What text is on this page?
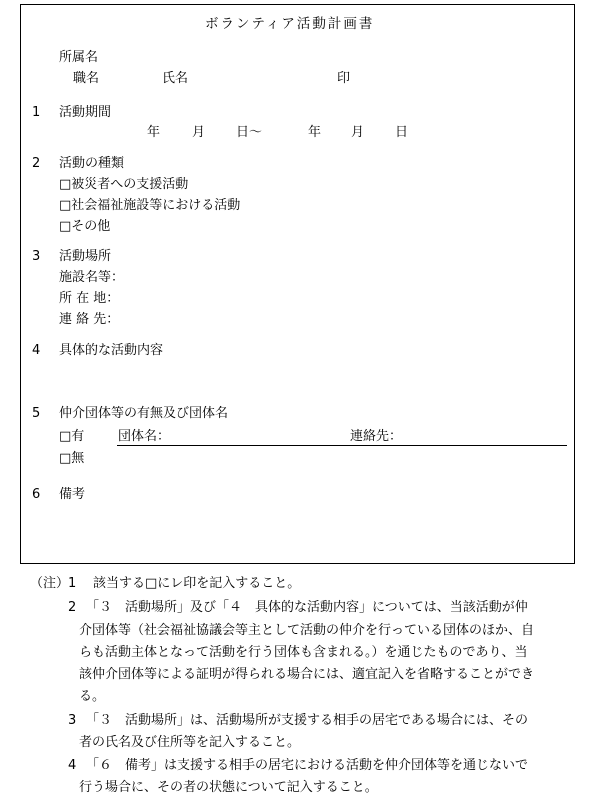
ボランティア活動計画書
所属名
職名	氏名	印
1 活動期間
年 月 日～	年 月 日
2 活動の種類
□被災者への支援活動
□社会福祉施設等における活動
□その他
3 活動場所
施設名等：
所 在 地：
連 絡 先：
4 具体的な活動内容
5 仲介団体等の有無及び団体名
□有	団体名：	連絡先：
□無
6 備考
（注）
1 該当する□にレ印を記入すること。
2 「３　活動場所」及び「４　具体的な活動内容」については、当該活動が仲
介団体等（社会福祉協議会等主として活動の仲介を行っている団体のほか、自
らも活動主体となって活動を行う団体も含まれる。）を通じたものであり、当
該仲介団体等による証明が得られる場合には、適宜記入を省略することができ
る。
3 「３　活動場所」は、活動場所が支援する相手の居宅である場合には、その
者の氏名及び住所等を記入すること。
4 「６　備考」は支援する相手の居宅における活動を仲介団体等を通じないで
行う場合に、その者の状態について記入すること。
